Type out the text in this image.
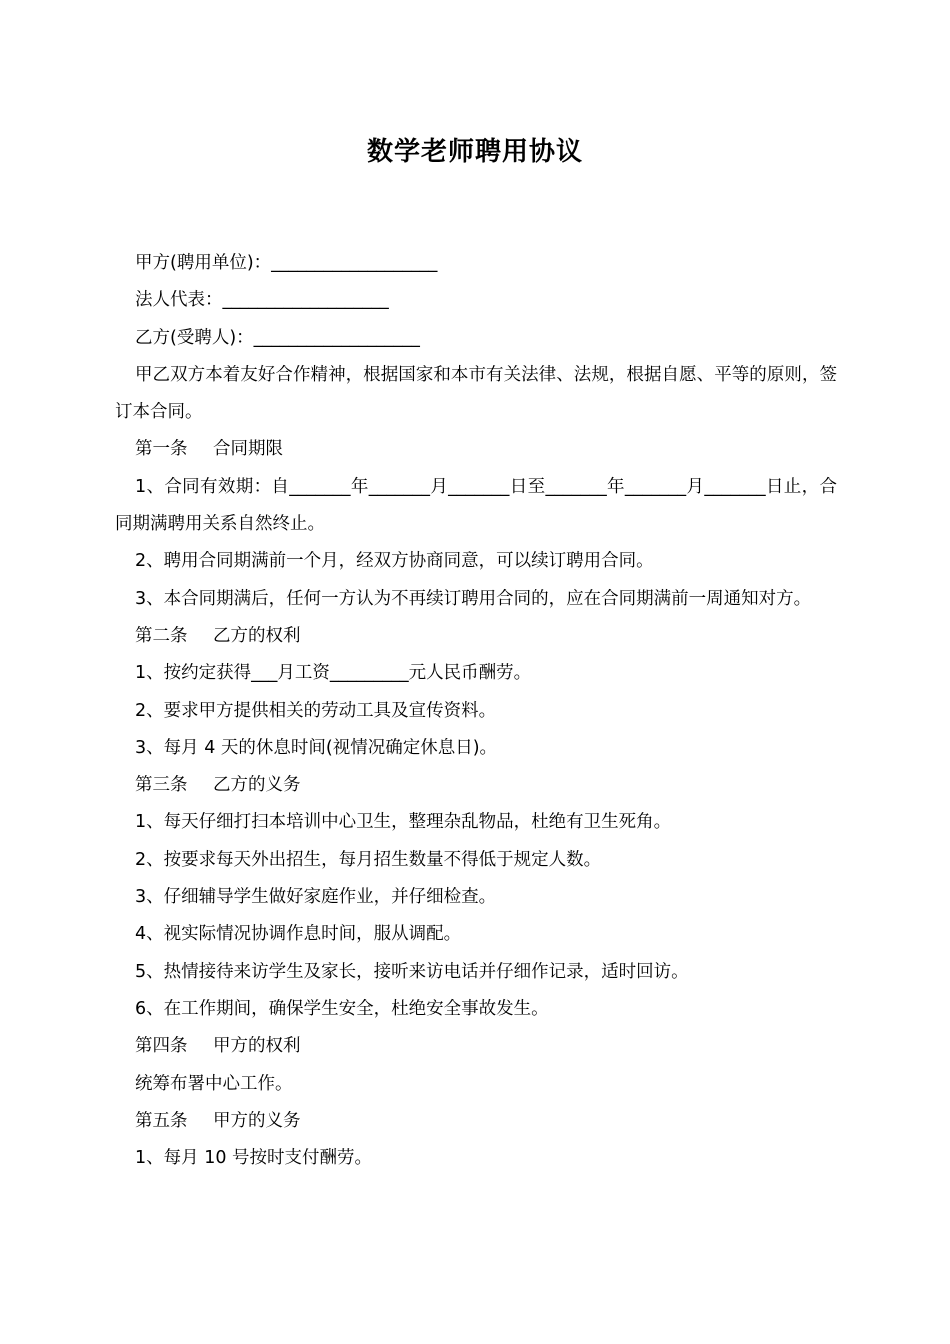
数学老师聘用协议

甲方(聘用单位)：___________________

法人代表：___________________

乙方(受聘人)：___________________

甲乙双方本着友好合作精神，根据国家和本市有关法律、法规，根据自愿、平等的原则，签订本合同。

第一条 合同期限

1、合同有效期：自_______年_______月_______日至_______年_______月_______日止，合同期满聘用关系自然终止。

2、聘用合同期满前一个月，经双方协商同意，可以续订聘用合同。

3、本合同期满后，任何一方认为不再续订聘用合同的，应在合同期满前一周通知对方。

第二条 乙方的权利

1、按约定获得___月工资_________元人民币酬劳。

2、要求甲方提供相关的劳动工具及宣传资料。

3、每月 4 天的休息时间(视情况确定休息日)。

第三条 乙方的义务

1、每天仔细打扫本培训中心卫生，整理杂乱物品，杜绝有卫生死角。

2、按要求每天外出招生，每月招生数量不得低于规定人数。

3、仔细辅导学生做好家庭作业，并仔细检查。

4、视实际情况协调作息时间，服从调配。

5、热情接待来访学生及家长，接听来访电话并仔细作记录，适时回访。

6、在工作期间，确保学生安全，杜绝安全事故发生。

第四条 甲方的权利

统筹布署中心工作。

第五条 甲方的义务

1、每月 10 号按时支付酬劳。
